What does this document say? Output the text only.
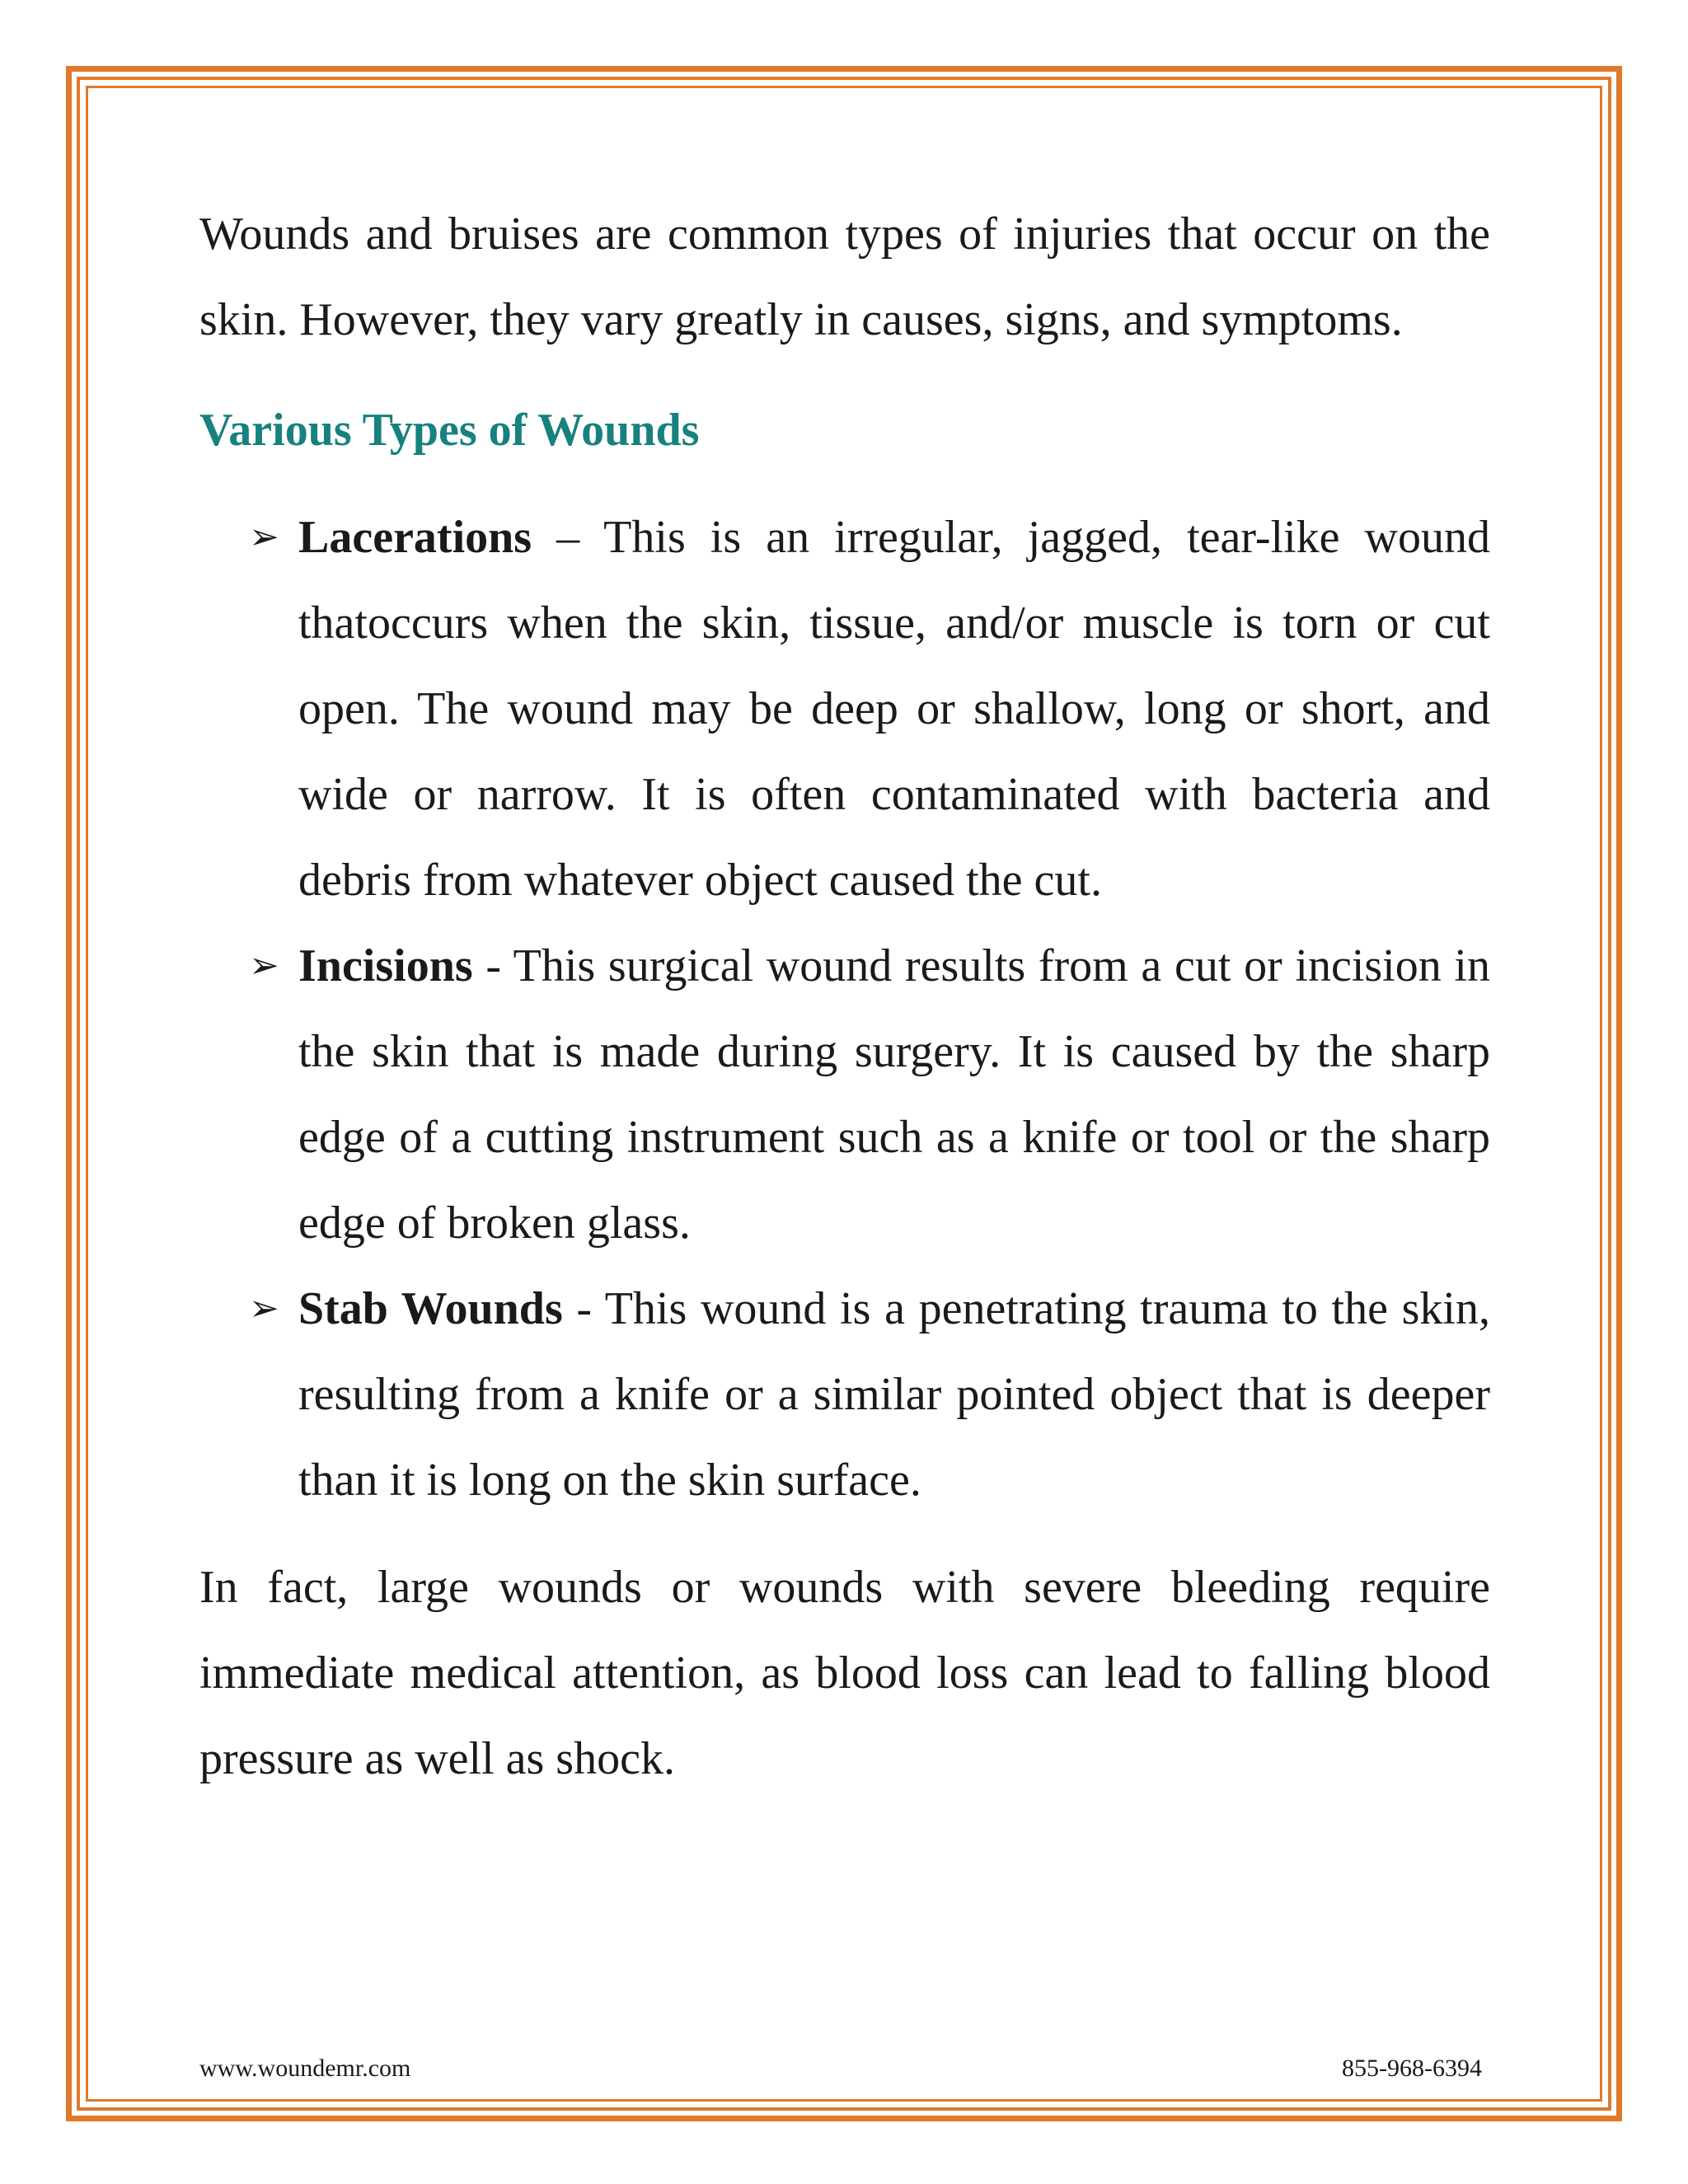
Wounds and bruises are common types of injuries that occur on the skin. However, they vary greatly in causes, signs, and symptoms.

Various Types of Wounds
➢ Lacerations – This is an irregular, jagged, tear-like wound thatoccurs when the skin, tissue, and/or muscle is torn or cut open. The wound may be deep or shallow, long or short, and wide or narrow. It is often contaminated with bacteria and debris from whatever object caused the cut.
➢ Incisions - This surgical wound results from a cut or incision in the skin that is made during surgery. It is caused by the sharp edge of a cutting instrument such as a knife or tool or the sharp edge of broken glass.
➢ Stab Wounds - This wound is a penetrating trauma to the skin, resulting from a knife or a similar pointed object that is deeper than it is long on the skin surface.

In fact, large wounds or wounds with severe bleeding require immediate medical attention, as blood loss can lead to falling blood pressure as well as shock.

www.woundemr.com	855-968-6394
